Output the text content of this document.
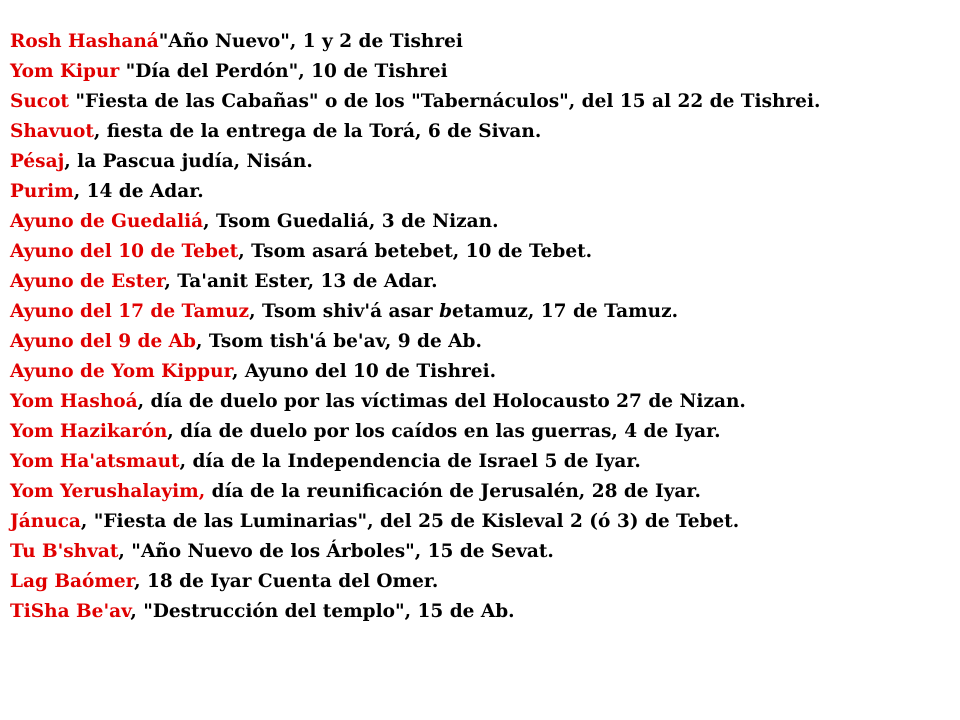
Rosh Hashaná"Año Nuevo", 1 y 2 de Tishrei
Yom Kipur "Día del Perdón", 10 de Tishrei
Sucot "Fiesta de las Cabañas" o de los "Tabernáculos", del 15 al 22 de Tishrei.
Shavuot, fiesta de la entrega de la Torá, 6 de Sivan.
Pésaj, la Pascua judía, Nisán.
Purim, 14 de Adar.
Ayuno de Guedaliá, Tsom Guedaliá, 3 de Nizan.
Ayuno del 10 de Tebet, Tsom asará betebet, 10 de Tebet.
Ayuno de Ester, Ta'anit Ester, 13 de Adar.
Ayuno del 17 de Tamuz, Tsom shiv'á asar betamuz, 17 de Tamuz.
Ayuno del 9 de Ab, Tsom tish'á be'av, 9 de Ab.
Ayuno de Yom Kippur, Ayuno del 10 de Tishrei.
Yom Hashoá, día de duelo por las víctimas del Holocausto 27 de Nizan.
Yom Hazikarón, día de duelo por los caídos en las guerras, 4 de Iyar.
Yom Ha'atsmaut, día de la Independencia de Israel 5 de Iyar.
Yom Yerushalayim, día de la reunificación de Jerusalén, 28 de Iyar.
Jánuca, "Fiesta de las Luminarias", del 25 de Kisleval 2 (ó 3) de Tebet.
Tu B'shvat, "Año Nuevo de los Árboles", 15 de Sevat.
Lag Baómer, 18 de Iyar Cuenta del Omer.
TiSha Be'av, "Destrucción del templo", 15 de Ab.
